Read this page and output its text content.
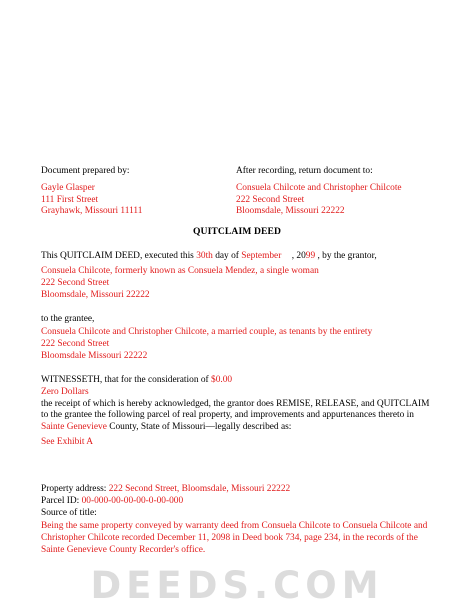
Document prepared by:
Gayle Glasper
111 First Street
Grayhawk, Missouri 11111
After recording, return document to:
Consuela Chilcote and Christopher Chilcote
222 Second Street
Bloomsdale, Missouri 22222
QUITCLAIM DEED
This QUITCLAIM DEED, executed this 30th day of September , 2099 , by the grantor,
Consuela Chilcote, formerly known as Consuela Mendez, a single woman
222 Second Street
Bloomsdale, Missouri 22222
to the grantee,
Consuela Chilcote and Christopher Chilcote, a married couple, as tenants by the entirety
222 Second Street
Bloomsdale Missouri 22222
WITNESSETH, that for the consideration of $0.00
Zero Dollars
the receipt of which is hereby acknowledged, the grantor does REMISE, RELEASE, and QUITCLAIM
to the grantee the following parcel of real property, and improvements and appurtenances thereto in
Sainte Genevieve County, State of Missouri—legally described as:
See Exhibit A
Property address: 222 Second Street, Bloomsdale, Missouri 22222
Parcel ID: 00-000-00-00-00-0-00-000
Source of title:
Being the same property conveyed by warranty deed from Consuela Chilcote to Consuela Chilcote and
Christopher Chilcote recorded December 11, 2098 in Deed book 734, page 234, in the records of the
Sainte Genevieve County Recorder's office.
DEEDS.COM
